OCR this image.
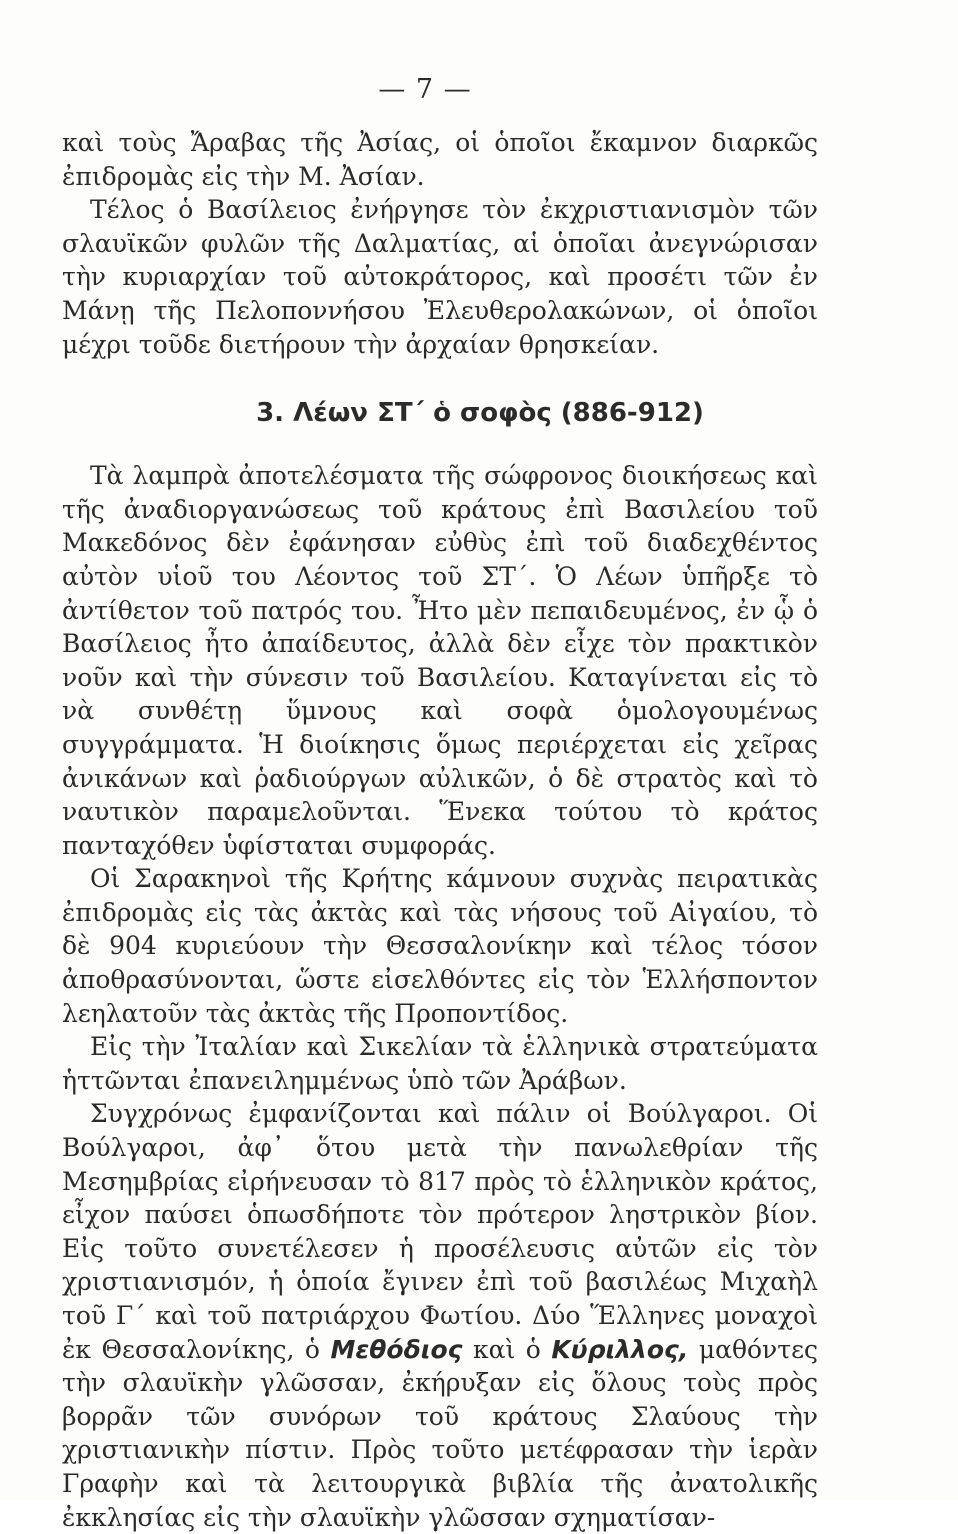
— 7 —

καὶ τοὺς Ἄραβας τῆς Ἀσίας, οἱ ὁποῖοι ἔκαμνον διαρκῶς ἐπιδρομὰς εἰς τὴν Μ. Ἀσίαν.

Τέλος ὁ Βασίλειος ἐνήργησε τὸν ἐκχριστιανισμὸν τῶν σλαυϊκῶν φυλῶν τῆς Δαλματίας, αἱ ὁποῖαι ἀνεγνώρισαν τὴν κυριαρχίαν τοῦ αὐτοκράτορος, καὶ προσέτι τῶν ἐν Μάνῃ τῆς Πελοποννήσου Ἐλευθερολακώνων, οἱ ὁποῖοι μέχρι τοῦδε διετήρουν τὴν ἀρχαίαν θρησκείαν.

3. Λέων ΣΤ΄ ὁ σοφὸς (886-912)

Τὰ λαμπρὰ ἀποτελέσματα τῆς σώφρονος διοικήσεως καὶ τῆς ἀναδιοργανώσεως τοῦ κράτους ἐπὶ Βασιλείου τοῦ Μακεδόνος δὲν ἐφάνησαν εὐθὺς ἐπὶ τοῦ διαδεχθέντος αὐτὸν υἱοῦ του Λέοντος τοῦ ΣΤ΄. Ὁ Λέων ὑπῆρξε τὸ ἀντίθετον τοῦ πατρός του. Ἦτο μὲν πεπαιδευμένος, ἐν ᾧ ὁ Βασίλειος ἦτο ἀπαίδευτος, ἀλλὰ δὲν εἶχε τὸν πρακτικὸν νοῦν καὶ τὴν σύνεσιν τοῦ Βασιλείου. Καταγίνεται εἰς τὸ νὰ συνθέτῃ ὕμνους καὶ σοφὰ ὁμολογουμένως συγγράμματα. Ἡ διοίκησις ὅμως περιέρχεται εἰς χεῖρας ἀνικάνων καὶ ῥαδιούργων αὐλικῶν, ὁ δὲ στρατὸς καὶ τὸ ναυτικὸν παραμελοῦνται. Ἕνεκα τούτου τὸ κράτος πανταχόθεν ὑφίσταται συμφοράς.

Οἱ Σαρακηνοὶ τῆς Κρήτης κάμνουν συχνὰς πειρατικὰς ἐπιδρομὰς εἰς τὰς ἀκτὰς καὶ τὰς νήσους τοῦ Αἰγαίου, τὸ δὲ 904 κυριεύουν τὴν Θεσσαλονίκην καὶ τέλος τόσον ἀποθρασύνονται, ὥστε εἰσελθόντες εἰς τὸν Ἑλλήσποντον λεηλατοῦν τὰς ἀκτὰς τῆς Προποντίδος.

Εἰς τὴν Ἰταλίαν καὶ Σικελίαν τὰ ἑλληνικὰ στρατεύματα ἡττῶνται ἐπανειλημμένως ὑπὸ τῶν Ἀράβων.

Συγχρόνως ἐμφανίζονται καὶ πάλιν οἱ Βούλγαροι. Οἱ Βούλγαροι, ἀφ᾽ ὅτου μετὰ τὴν πανωλεθρίαν τῆς Μεσημβρίας εἰρήνευσαν τὸ 817 πρὸς τὸ ἑλληνικὸν κράτος, εἶχον παύσει ὁπωσδήποτε τὸν πρότερον ληστρικὸν βίον. Εἰς τοῦτο συνετέλεσεν ἡ προσέλευσις αὐτῶν εἰς τὸν χριστιανισμόν, ἡ ὁποία ἔγινεν ἐπὶ τοῦ βασιλέως Μιχαὴλ τοῦ Γ΄ καὶ τοῦ πατριάρχου Φωτίου. Δύο Ἕλληνες μοναχοὶ ἐκ Θεσσαλονίκης, ὁ Μεθόδιος καὶ ὁ Κύριλλος, μαθόντες τὴν σλαυϊκὴν γλῶσσαν, ἐκήρυξαν εἰς ὅλους τοὺς πρὸς βορρᾶν τῶν συνόρων τοῦ κράτους Σλαύους τὴν χριστιανικὴν πίστιν. Πρὸς τοῦτο μετέφρασαν τὴν ἱερὰν Γραφὴν καὶ τὰ λειτουργικὰ βιβλία τῆς ἀνατολικῆς ἐκκλησίας εἰς τὴν σλαυϊκὴν γλῶσσαν σχηματίσαν-
